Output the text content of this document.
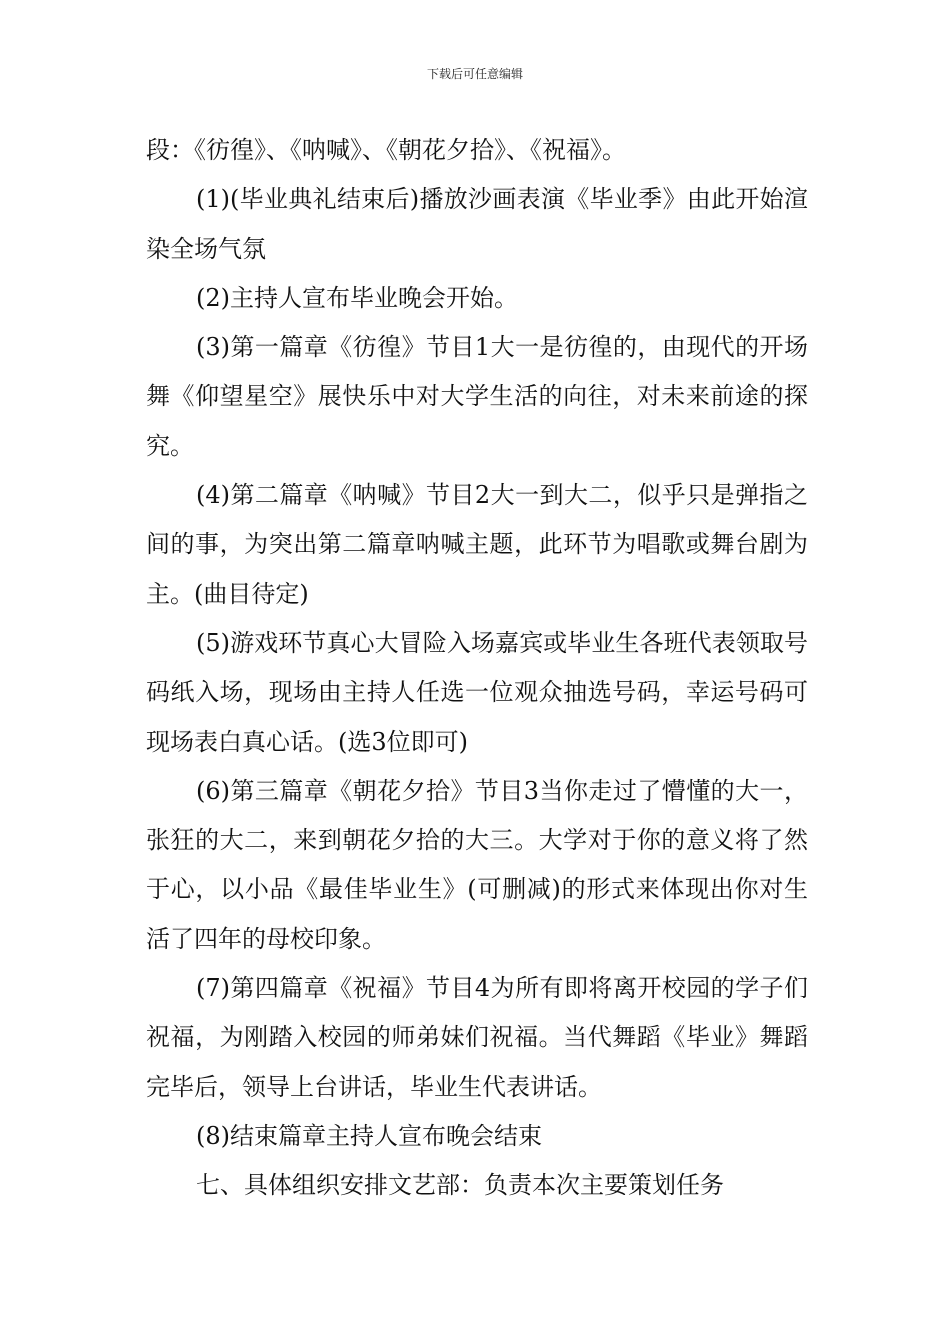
下载后可任意编辑

段：《彷徨》、《呐喊》、《朝花夕拾》、《祝福》。

(1)(毕业典礼结束后)播放沙画表演《毕业季》由此开始渲染全场气氛

(2)主持人宣布毕业晚会开始。

(3)第一篇章《彷徨》节目1大一是彷徨的，由现代的开场舞《仰望星空》展快乐中对大学生活的向往，对未来前途的探究。

(4)第二篇章《呐喊》节目2大一到大二，似乎只是弹指之间的事，为突出第二篇章呐喊主题，此环节为唱歌或舞台剧为主。(曲目待定)

(5)游戏环节真心大冒险入场嘉宾或毕业生各班代表领取号码纸入场，现场由主持人任选一位观众抽选号码，幸运号码可现场表白真心话。(选3位即可)

(6)第三篇章《朝花夕拾》节目3当你走过了懵懂的大一，张狂的大二，来到朝花夕拾的大三。大学对于你的意义将了然于心，以小品《最佳毕业生》(可删减)的形式来体现出你对生活了四年的母校印象。

(7)第四篇章《祝福》节目4为所有即将离开校园的学子们祝福，为刚踏入校园的师弟妹们祝福。当代舞蹈《毕业》舞蹈完毕后，领导上台讲话，毕业生代表讲话。

(8)结束篇章主持人宣布晚会结束

七、具体组织安排文艺部：负责本次主要策划任务
